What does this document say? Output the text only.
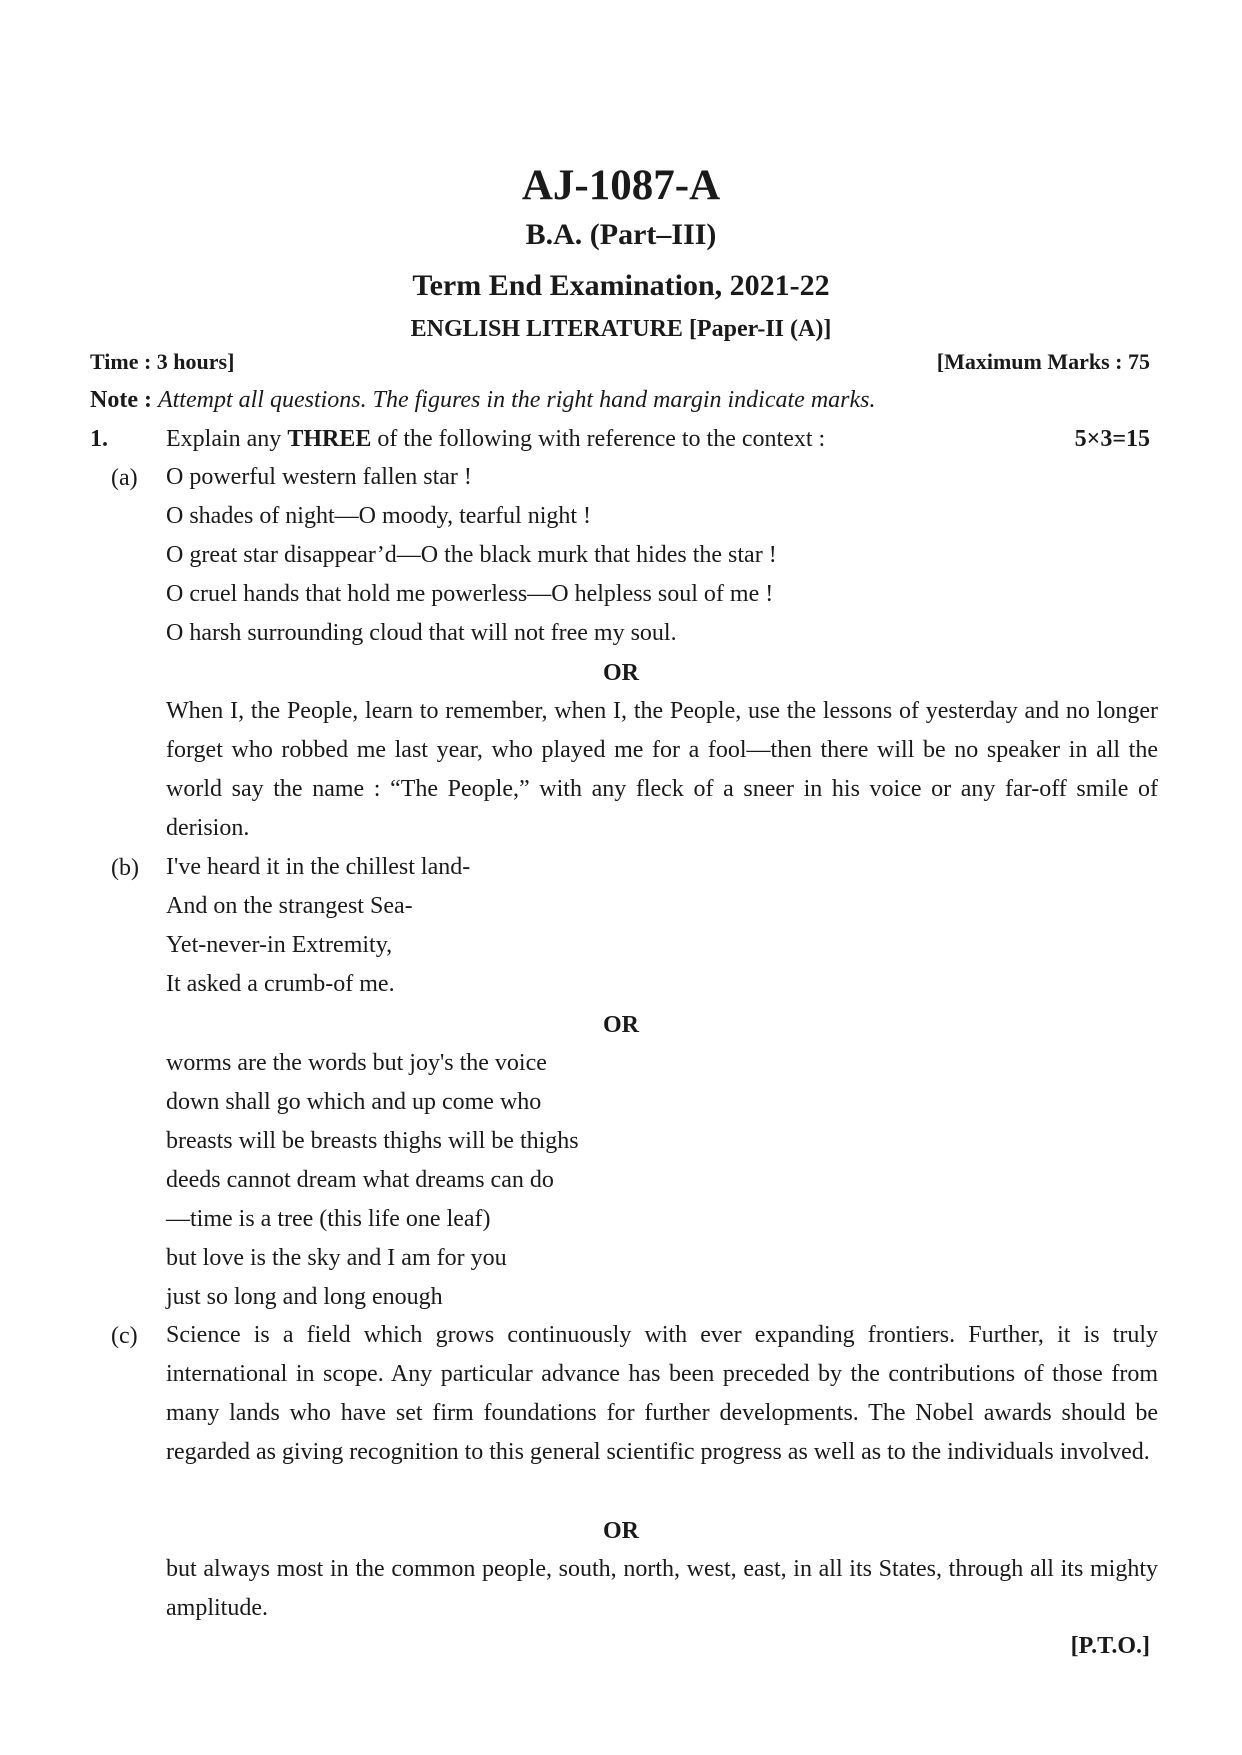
AJ-1087-A
B.A. (Part–III)
Term End Examination, 2021-22
ENGLISH LITERATURE [Paper-II (A)]
Time : 3 hours]	[Maximum Marks : 75
Note : Attempt all questions. The figures in the right hand margin indicate marks.
1. Explain any THREE of the following with reference to the context :	5×3=15
(a) O powerful western fallen star !
O shades of night—O moody, tearful night !
O great star disappear’d—O the black murk that hides the star !
O cruel hands that hold me powerless—O helpless soul of me !
O harsh surrounding cloud that will not free my soul.
OR
When I, the People, learn to remember, when I, the People, use the lessons of yesterday and no longer forget who robbed me last year, who played me for a fool—then there will be no speaker in all the world say the name : “The People,” with any fleck of a sneer in his voice or any far-off smile of derision.
(b) I've heard it in the chillest land-
And on the strangest Sea-
Yet-never-in Extremity,
It asked a crumb-of me.
OR
worms are the words but joy's the voice
down shall go which and up come who
breasts will be breasts thighs will be thighs
deeds cannot dream what dreams can do
—time is a tree (this life one leaf)
but love is the sky and I am for you
just so long and long enough
(c) Science is a field which grows continuously with ever expanding frontiers. Further, it is truly international in scope. Any particular advance has been preceded by the contributions of those from many lands who have set firm foundations for further developments. The Nobel awards should be regarded as giving recognition to this general scientific progress as well as to the individuals involved.
OR
but always most in the common people, south, north, west, east, in all its States, through all its mighty amplitude.
[P.T.O.]
